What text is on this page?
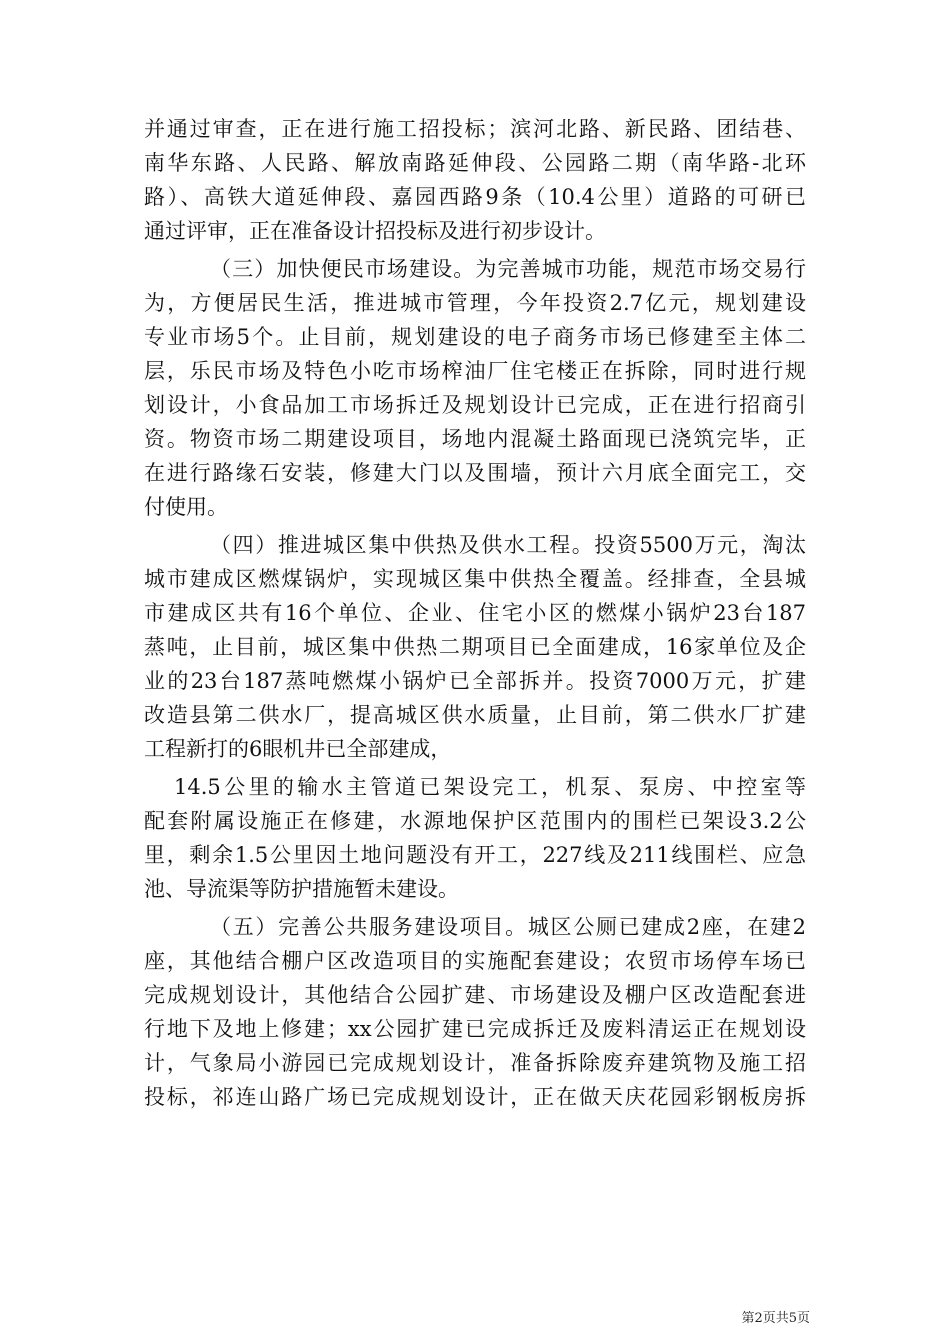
并通过审查，正在进行施工招投标；滨河北路、新民路、团结巷、
南华东路、人民路、解放南路延伸段、公园路二期（南华路-北环
路）、高铁大道延伸段、嘉园西路9条（10.4公里）道路的可研已
通过评审，正在准备设计招投标及进行初步设计。
（三）加快便民市场建设。为完善城市功能，规范市场交易行
为，方便居民生活，推进城市管理，今年投资2.7亿元，规划建设
专业市场5个。止目前，规划建设的电子商务市场已修建至主体二
层，乐民市场及特色小吃市场榨油厂住宅楼正在拆除，同时进行规
划设计，小食品加工市场拆迁及规划设计已完成，正在进行招商引
资。物资市场二期建设项目，场地内混凝土路面现已浇筑完毕，正
在进行路缘石安装，修建大门以及围墙，预计六月底全面完工，交
付使用。
（四）推进城区集中供热及供水工程。投资5500万元，淘汰
城市建成区燃煤锅炉，实现城区集中供热全覆盖。经排查，全县城
市建成区共有16个单位、企业、住宅小区的燃煤小锅炉23台187
蒸吨，止目前，城区集中供热二期项目已全面建成，16家单位及企
业的23台187蒸吨燃煤小锅炉已全部拆并。投资7000万元，扩建
改造县第二供水厂，提高城区供水质量，止目前，第二供水厂扩建
工程新打的6眼机井已全部建成，
14.5公里的输水主管道已架设完工，机泵、泵房、中控室等
配套附属设施正在修建，水源地保护区范围内的围栏已架设3.2公
里，剩余1.5公里因土地问题没有开工，227线及211线围栏、应急
池、导流渠等防护措施暂未建设。
（五）完善公共服务建设项目。城区公厕已建成2座，在建2
座，其他结合棚户区改造项目的实施配套建设；农贸市场停车场已
完成规划设计，其他结合公园扩建、市场建设及棚户区改造配套进
行地下及地上修建；xx公园扩建已完成拆迁及废料清运正在规划设
计，气象局小游园已完成规划设计，准备拆除废弃建筑物及施工招
投标，祁连山路广场已完成规划设计，正在做天庆花园彩钢板房拆
第2页共5页
